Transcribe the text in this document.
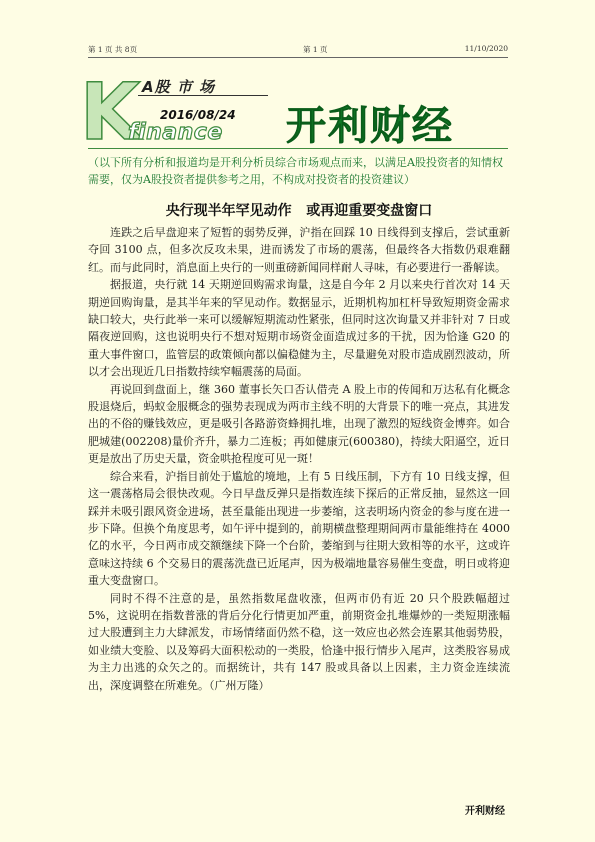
第 1 页 共 8页	第 1 页	11/10/2020
K A股 市 场
2016/08/24
finance 开利财经
（以下所有分析和报道均是开利分析员综合市场观点而来，以满足A股投资者的知情权需要，仅为A股投资者提供参考之用，不构成对投资者的投资建议）
央行现半年罕见动作   或再迎重要变盘窗口

连跌之后早盘迎来了短暂的弱势反弹，沪指在回踩 10 日线得到支撑后，尝试重新夺回 3100 点，但多次反攻未果，进而诱发了市场的震荡，但最终各大指数仍艰难翻红。而与此同时，消息面上央行的一则重磅新闻同样耐人寻味，有必要进行一番解读。

据报道，央行就 14 天期逆回购需求询量，这是自今年 2 月以来央行首次对 14 天期逆回购询量，是其半年来的罕见动作。数据显示，近期机构加杠杆导致短期资金需求缺口较大，央行此举一来可以缓解短期流动性紧张，但同时这次询量又并非针对 7 日或隔夜逆回购，这也说明央行不想对短期市场资金面造成过多的干扰，因为恰逢 G20 的重大事件窗口，监管层的政策倾向都以偏稳健为主，尽量避免对股市造成剧烈波动，所以才会出现近几日指数持续窄幅震荡的局面。

再说回到盘面上，继 360 董事长矢口否认借壳 A 股上市的传闻和万达私有化概念股退烧后，蚂蚁金服概念的强势表现成为两市主线不明的大背景下的唯一亮点，其进发出的不俗的赚钱效应，更是吸引各路游资蜂拥扎堆，出现了激烈的短线资金博弈。如合肥城建(002208)量价齐升，暴力二连板；再如健康元(600380)，持续大阳逼空，近日更是放出了历史天量，资金哄抢程度可见一斑！

综合来看，沪指目前处于尴尬的境地，上有 5 日线压制，下方有 10 日线支撑，但这一震荡格局会很快改观。今日早盘反弹只是指数连续下探后的正常反抽，显然这一回踩并未吸引跟风资金进场，甚至量能出现进一步萎缩，这表明场内资金的参与度在进一步下降。但换个角度思考，如午评中提到的，前期横盘整理期间两市量能维持在 4000 亿的水平，今日两市成交额继续下降一个台阶，萎缩到与往期大致相等的水平，这或许意味这持续 6 个交易日的震荡洗盘已近尾声，因为极端地量容易催生变盘，明日或将迎重大变盘窗口。

同时不得不注意的是，虽然指数尾盘收涨，但两市仍有近 20 只个股跌幅超过 5%，这说明在指数普涨的背后分化行情更加严重，前期资金扎堆爆炒的一类短期涨幅过大股遭到主力大肆派发，市场情绪面仍然不稳，这一效应也必然会连累其他弱势股，如业绩大变脸、以及筹码大面积松动的一类股，恰逢中报行情步入尾声，这类股容易成为主力出逃的众矢之的。而据统计，共有 147 股或具备以上因素，主力资金连续流出，深度调整在所难免。（广州万隆）

开利财经
